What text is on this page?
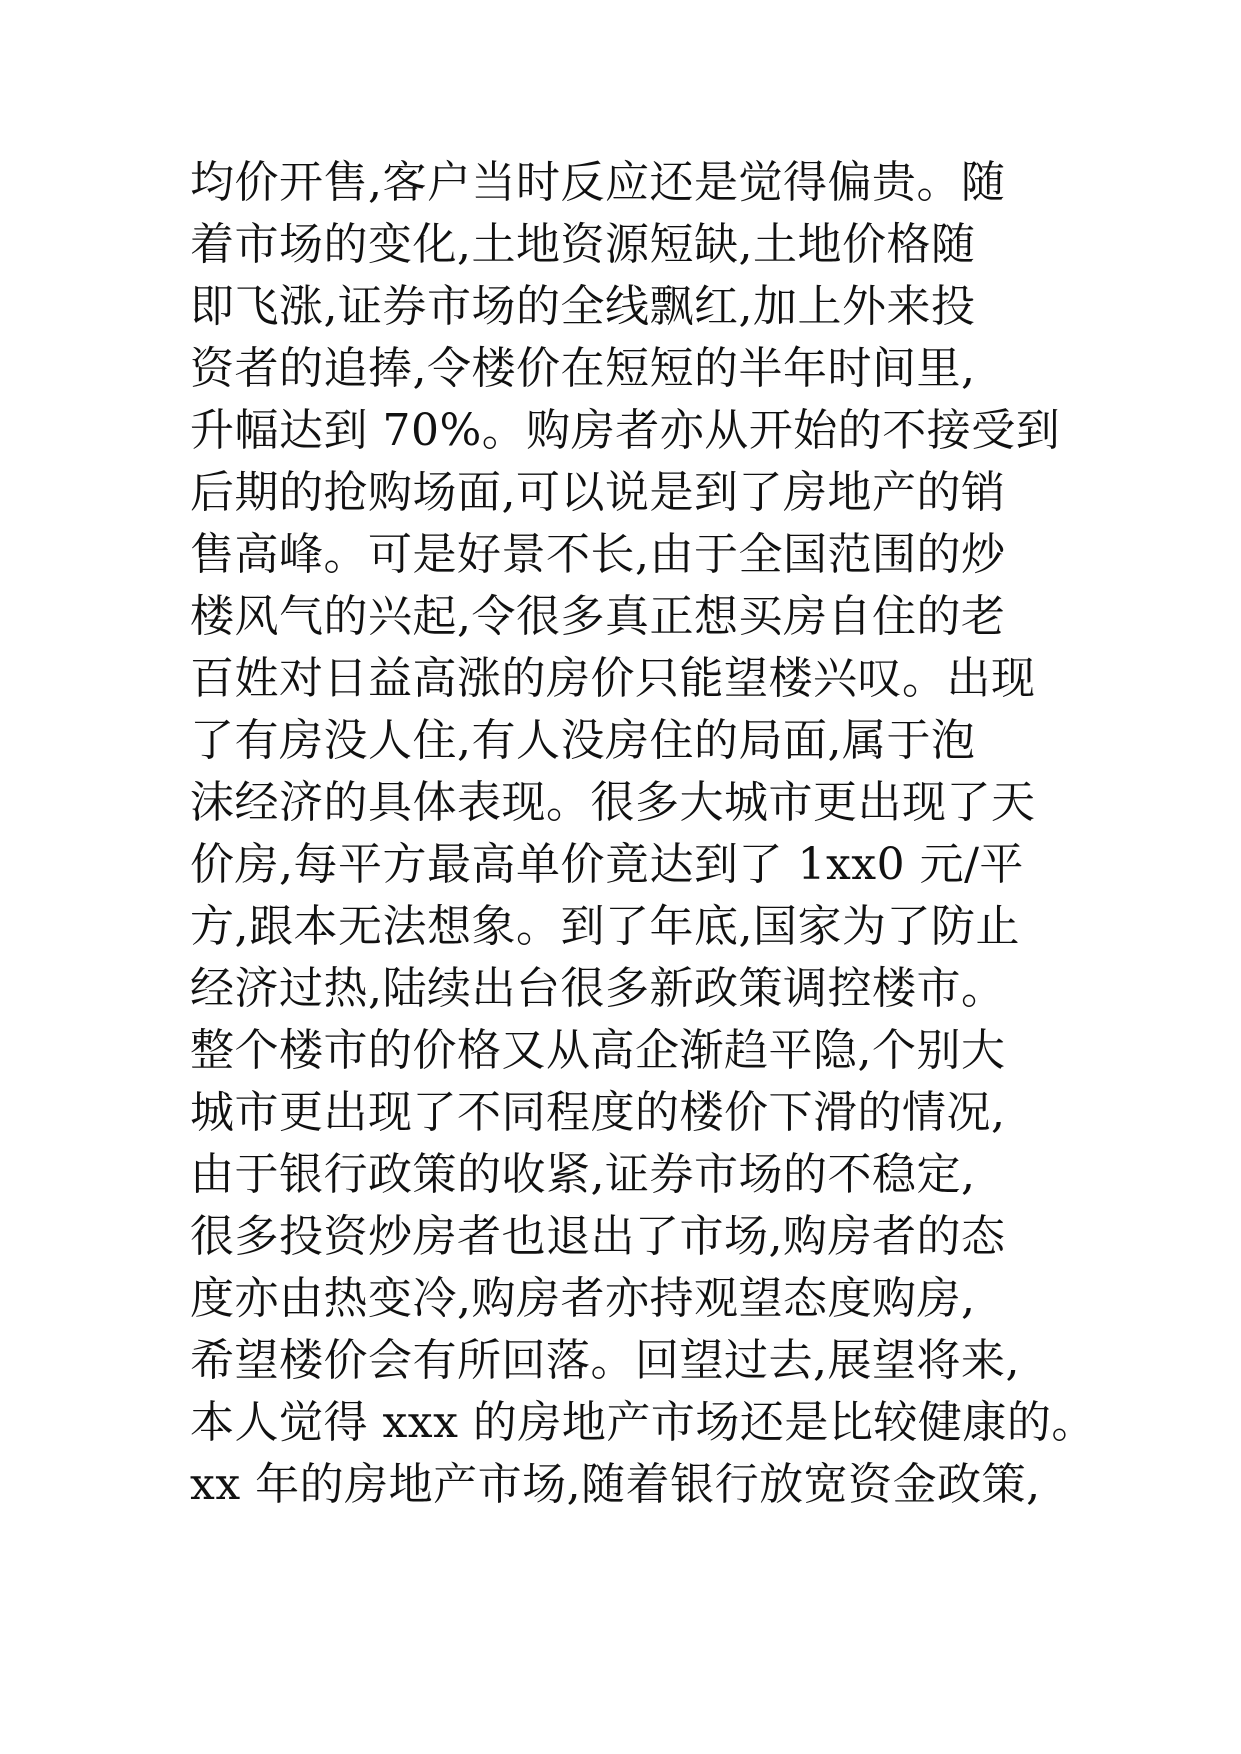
均价开售,客户当时反应还是觉得偏贵。随
着市场的变化,土地资源短缺,土地价格随
即飞涨,证券市场的全线飘红,加上外来投
资者的追捧,令楼价在短短的半年时间里,
升幅达到 70%。购房者亦从开始的不接受到
后期的抢购场面,可以说是到了房地产的销
售高峰。可是好景不长,由于全国范围的炒
楼风气的兴起,令很多真正想买房自住的老
百姓对日益高涨的房价只能望楼兴叹。出现
了有房没人住,有人没房住的局面,属于泡
沫经济的具体表现。很多大城市更出现了天
价房,每平方最高单价竟达到了 1xx0 元/平
方,跟本无法想象。到了年底,国家为了防止
经济过热,陆续出台很多新政策调控楼市。
整个楼市的价格又从高企渐趋平隐,个别大
城市更出现了不同程度的楼价下滑的情况,
由于银行政策的收紧,证券市场的不稳定,
很多投资炒房者也退出了市场,购房者的态
度亦由热变冷,购房者亦持观望态度购房,
希望楼价会有所回落。回望过去,展望将来,
本人觉得 xxx 的房地产市场还是比较健康的。
xx 年的房地产市场,随着银行放宽资金政策,
